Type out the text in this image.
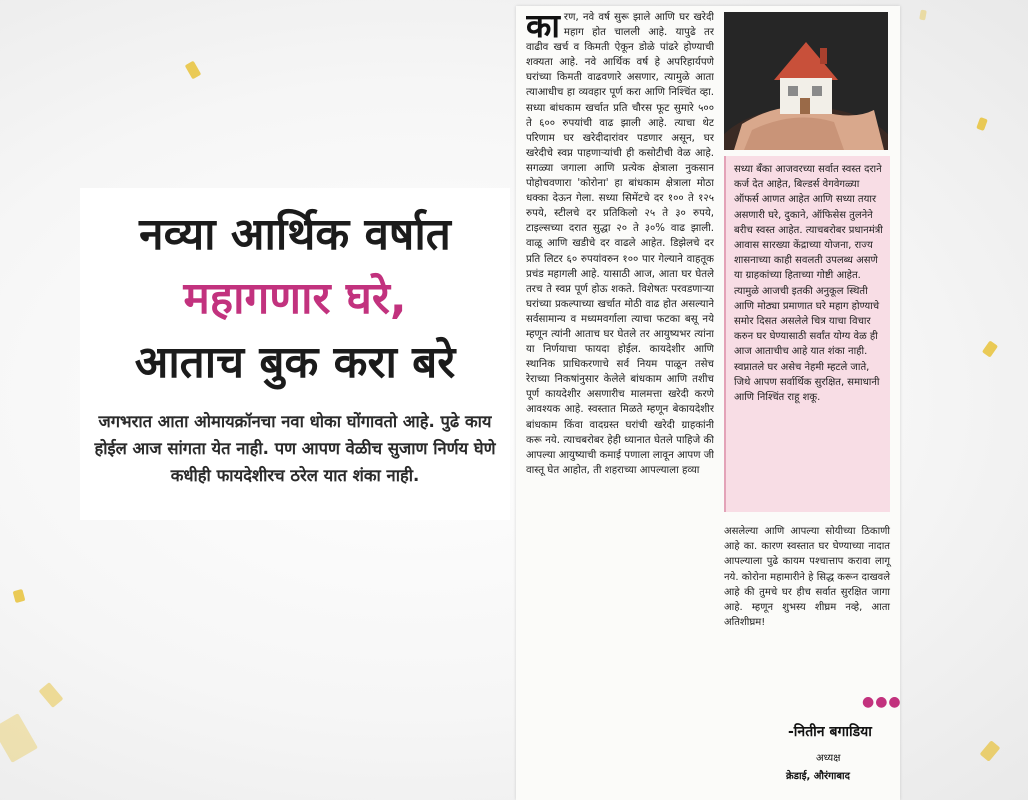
नव्या आर्थिक वर्षात
महागणार घरे,
आताच बुक करा बरे
जगभरात आता ओमायक्रॉनचा नवा धोका घोंगावतो आहे. पुढे काय होईल आज सांगता येत नाही. पण आपण वेळीच सुजाण निर्णय घेणे कधीही फायदेशीरच ठरेल यात शंका नाही.
कारण, नवे वर्ष सुरू झाले आणि घर खरेदी महाग होत चालली आहे. यापुढे तर वाढीव खर्च व किमती ऐकून डोळे पांढरे होण्याची शक्यता आहे. नवे आर्थिक वर्ष हे अपरिहार्यपणे घरांच्या किमती वाढवणारे असणार, त्यामुळे आता त्याआधीच हा व्यवहार पूर्ण करा आणि निश्चिंत व्हा. सध्या बांधकाम खर्चात प्रति चौरस फूट सुमारे ५०० ते ६०० रुपयांची वाढ झाली आहे. त्याचा थेट परिणाम घर खरेदीदारांवर पडणार असून, घर खरेदीचे स्वप्न पाहणाऱ्यांची ही कसोटीची वेळ आहे. सगळ्या जगाला आणि प्रत्येक क्षेत्राला नुकसान पोहोचवणारा 'कोरोना' हा बांधकाम क्षेत्राला मोठा धक्का देऊन गेला. सध्या सिमेंटचे दर १०० ते १२५ रुपये, स्टीलचे दर प्रतिकिलो २५ ते ३० रुपये, टाइल्सच्या दरात सुद्धा २० ते ३०% वाढ झाली. वाळू आणि खडीचे दर वाढले आहेत. डिझेलचे दर प्रति लिटर ६० रुपयांवरुन १०० पार गेल्याने वाहतूक प्रचंड महागली आहे. यासाठी आज, आता घर घेतले तरच ते स्वप्न पूर्ण होऊ शकते. विशेषतः परवडणाऱ्या घरांच्या प्रकल्पाच्या खर्चात मोठी वाढ होत असल्याने सर्वसामान्य व मध्यमवर्गाला त्याचा फटका बसू नये म्हणून त्यांनी आताच घर घेतले तर आयुष्यभर त्यांना या निर्णयाचा फायदा होईल. कायदेशीर आणि स्थानिक प्राधिकरणाचे सर्व नियम पाळून तसेच रेराच्या निकषांनुसार केलेले बांधकाम आणि तशीच पूर्ण कायदेशीर असणारीच मालमत्ता खरेदी करणे आवश्यक आहे. स्वस्तात मिळते म्हणून बेकायदेशीर बांधकाम किंवा वादग्रस्त घरांची खरेदी ग्राहकांनी करू नये. त्याचबरोबर हेही ध्यानात घेतले पाहिजे की आपल्या आयुष्याची कमाई पणाला लावून आपण जी वास्तू घेत आहोत, ती शहराच्या आपल्याला हव्या
सध्या बँका आजवरच्या सर्वात स्वस्त दराने कर्ज देत आहेत, बिल्डर्स वेगवेगळ्या ऑफर्स आणत आहेत आणि सध्या तयार असणारी घरे, दुकाने, ऑफिसेस तुलनेने बरीच स्वस्त आहेत. त्याचबरोबर प्रधानमंत्री आवास सारख्या केंद्राच्या योजना, राज्य शासनाच्या काही सवलती उपलब्ध असणे या ग्राहकांच्या हिताच्या गोष्टी आहेत. त्यामुळे आजची इतकी अनुकूल स्थिती आणि मोठ्या प्रमाणात घरे महाग होण्याचे समोर दिसत असलेले चित्र याचा विचार करुन घर घेण्यासाठी सर्वांत योग्य वेळ ही आज आताचीच आहे यात शंका नाही. स्वप्नातले घर असेच नेहमी म्हटले जाते, जिथे आपण सर्वार्थिक सुरक्षित, समाधानी आणि निश्चिंत राहू शकू.
असलेल्या आणि आपल्या सोयीच्या ठिकाणी आहे का. कारण स्वस्तात घर घेण्याच्या नादात आपल्याला पुढे कायम पश्चात्ताप करावा लागू नये. कोरोना महामारीने हे सिद्ध करून दाखवले आहे की तुमचे घर हीच सर्वात सुरक्षित जागा आहे. म्हणून शुभस्य शीघ्रम नव्हे, आता अतिशीघ्रम!
●●●
-नितीन बगाडिया
अध्यक्ष
क्रेडाई, औरंगाबाद
